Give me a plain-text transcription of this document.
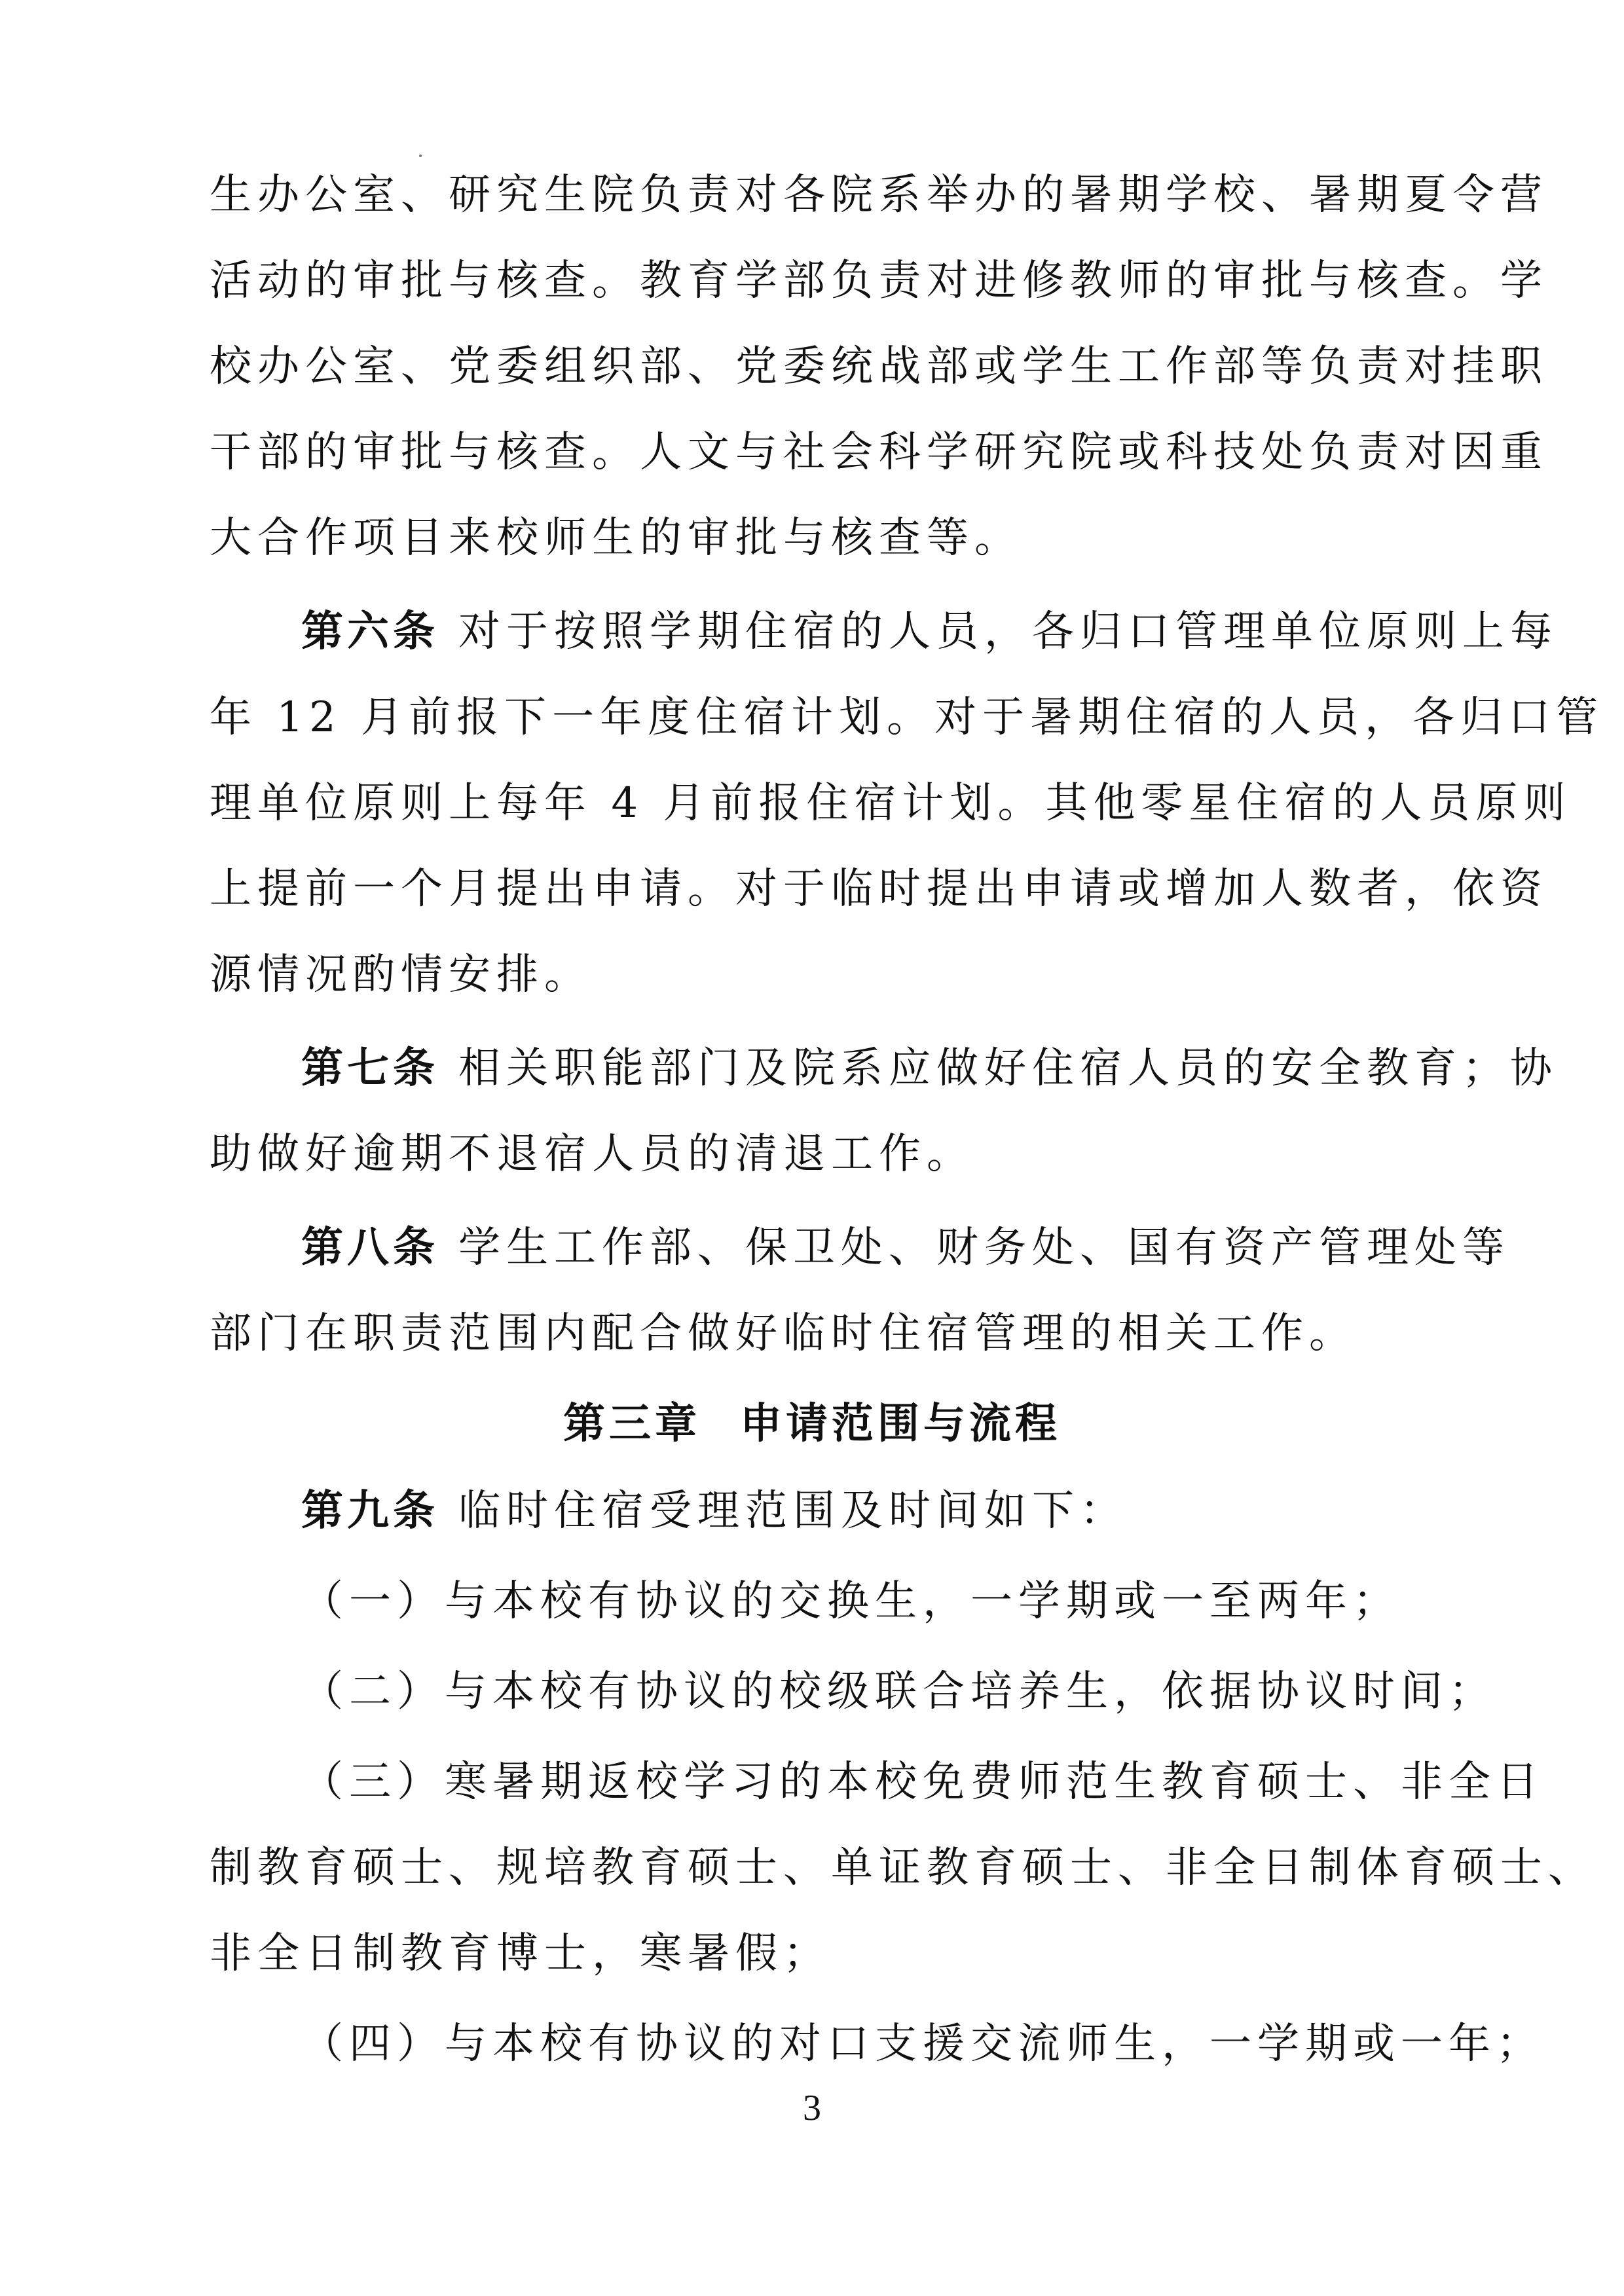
生办公室、研究生院负责对各院系举办的暑期学校、暑期夏令营
活动的审批与核查。教育学部负责对进修教师的审批与核查。学
校办公室、党委组织部、党委统战部或学生工作部等负责对挂职
干部的审批与核查。人文与社会科学研究院或科技处负责对因重
大合作项目来校师生的审批与核查等。
第六条 对于按照学期住宿的人员，各归口管理单位原则上每
年 12 月前报下一年度住宿计划。对于暑期住宿的人员，各归口管
理单位原则上每年 4 月前报住宿计划。其他零星住宿的人员原则
上提前一个月提出申请。对于临时提出申请或增加人数者，依资
源情况酌情安排。
第七条 相关职能部门及院系应做好住宿人员的安全教育；协
助做好逾期不退宿人员的清退工作。
第八条 学生工作部、保卫处、财务处、国有资产管理处等
部门在职责范围内配合做好临时住宿管理的相关工作。
第三章 申请范围与流程
第九条 临时住宿受理范围及时间如下：
（一）与本校有协议的交换生，一学期或一至两年；
（二）与本校有协议的校级联合培养生，依据协议时间；
（三）寒暑期返校学习的本校免费师范生教育硕士、非全日
制教育硕士、规培教育硕士、单证教育硕士、非全日制体育硕士、
非全日制教育博士，寒暑假；
（四）与本校有协议的对口支援交流师生，一学期或一年；
3
